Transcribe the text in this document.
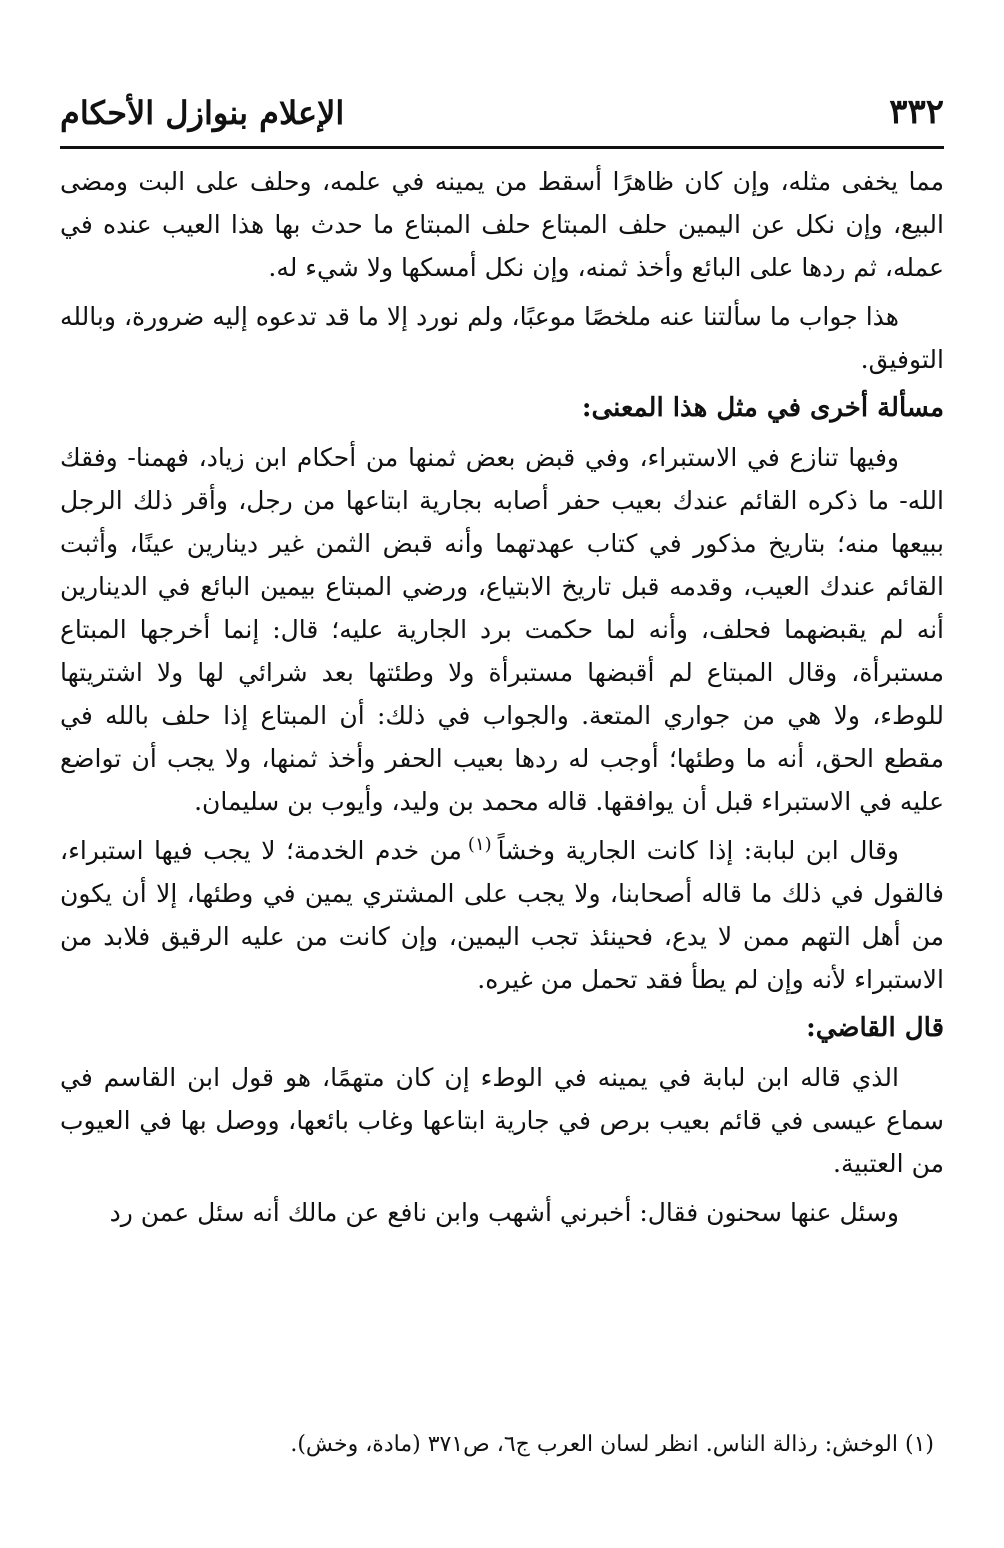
٣٣٢
الإعلام بنوازل الأحكام

مما يخفى مثله، وإن كان ظاهرًا أسقط من يمينه في علمه، وحلف على البت ومضى البيع، وإن نكل عن اليمين حلف المبتاع حلف المبتاع ما حدث بها هذا العيب عنده في عمله، ثم ردها على البائع وأخذ ثمنه، وإن نكل أمسكها ولا شيء له.

هذا جواب ما سألتنا عنه ملخصًا موعبًا، ولم نورد إلا ما قد تدعوه إليه ضرورة، وبالله التوفيق.

مسألة أخرى في مثل هذا المعنى:

وفيها تنازع في الاستبراء، وفي قبض بعض ثمنها من أحكام ابن زياد، فهمنا- وفقك الله- ما ذكره القائم عندك بعيب حفر أصابه بجارية ابتاعها من رجل، وأقر ذلك الرجل ببيعها منه؛ بتاريخ مذكور في كتاب عهدتهما وأنه قبض الثمن غير دينارين عينًا، وأثبت القائم عندك العيب، وقدمه قبل تاريخ الابتياع، ورضي المبتاع بيمين البائع في الدينارين أنه لم يقبضهما فحلف، وأنه لما حكمت برد الجارية عليه؛ قال: إنما أخرجها المبتاع مستبرأة، وقال المبتاع لم أقبضها مستبرأة ولا وطئتها بعد شرائي لها ولا اشتريتها للوطء، ولا هي من جواري المتعة. والجواب في ذلك: أن المبتاع إذا حلف بالله في مقطع الحق، أنه ما وطئها؛ أوجب له ردها بعيب الحفر وأخذ ثمنها، ولا يجب أن تواضع عليه في الاستبراء قبل أن يوافقها. قاله محمد بن وليد، وأيوب بن سليمان.

وقال ابن لبابة: إذا كانت الجارية وخشاً$^{(١)}$من خدم الخدمة؛ لا يجب فيها استبراء، فالقول في ذلك ما قاله أصحابنا، ولا يجب على المشتري يمين في وطئها، إلا أن يكون من أهل التهم ممن لا يدع، فحينئذ تجب اليمين، وإن كانت من عليه الرقيق فلابد من الاستبراء لأنه وإن لم يطأ فقد تحمل من غيره.

قال القاضي:

الذي قاله ابن لبابة في يمينه في الوطء إن كان متهمًا، هو قول ابن القاسم في سماع عيسى في قائم بعيب برص في جارية ابتاعها وغاب بائعها، ووصل بها في العيوب من العتبية.

وسئل عنها سحنون فقال: أخبرني أشهب وابن نافع عن مالك أنه سئل عمن رد

(١) الوخش: رذالة الناس. انظر لسان العرب ج٦، ص٣٧١ (مادة، وخش).
